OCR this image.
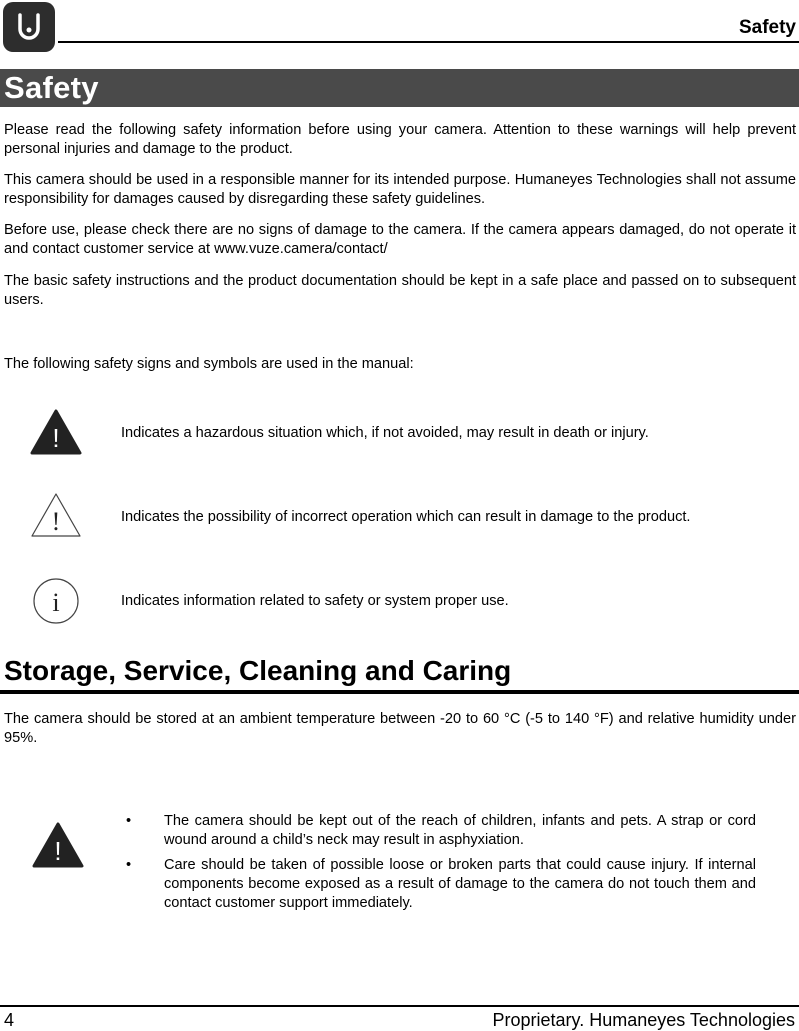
Safety
Safety

Please read the following safety information before using your camera. Attention to these warnings will help prevent personal injuries and damage to the product.

This camera should be used in a responsible manner for its intended purpose. Humaneyes Technologies shall not assume responsibility for damages caused by disregarding these safety guidelines.

Before use, please check there are no signs of damage to the camera. If the camera appears damaged, do not operate it and contact customer service at www.vuze.camera/contact/

The basic safety instructions and the product documentation should be kept in a safe place and passed on to subsequent users.

The following safety signs and symbols are used in the manual:

!	Indicates a hazardous situation which, if not avoided, may result in death or injury.
!	Indicates the possibility of incorrect operation which can result in damage to the product.
i	Indicates information related to safety or system proper use.
Storage, Service, Cleaning and Caring

The camera should be stored at an ambient temperature between -20 to 60 °C (-5 to 140 °F) and relative humidity under 95%.

!
• The camera should be kept out of the reach of children, infants and pets. A strap or cord wound around a child’s neck may result in asphyxiation.
• Care should be taken of possible loose or broken parts that could cause injury. If internal components become exposed as a result of damage to the camera do not touch them and contact customer support immediately.
4	Proprietary. Humaneyes Technologies
